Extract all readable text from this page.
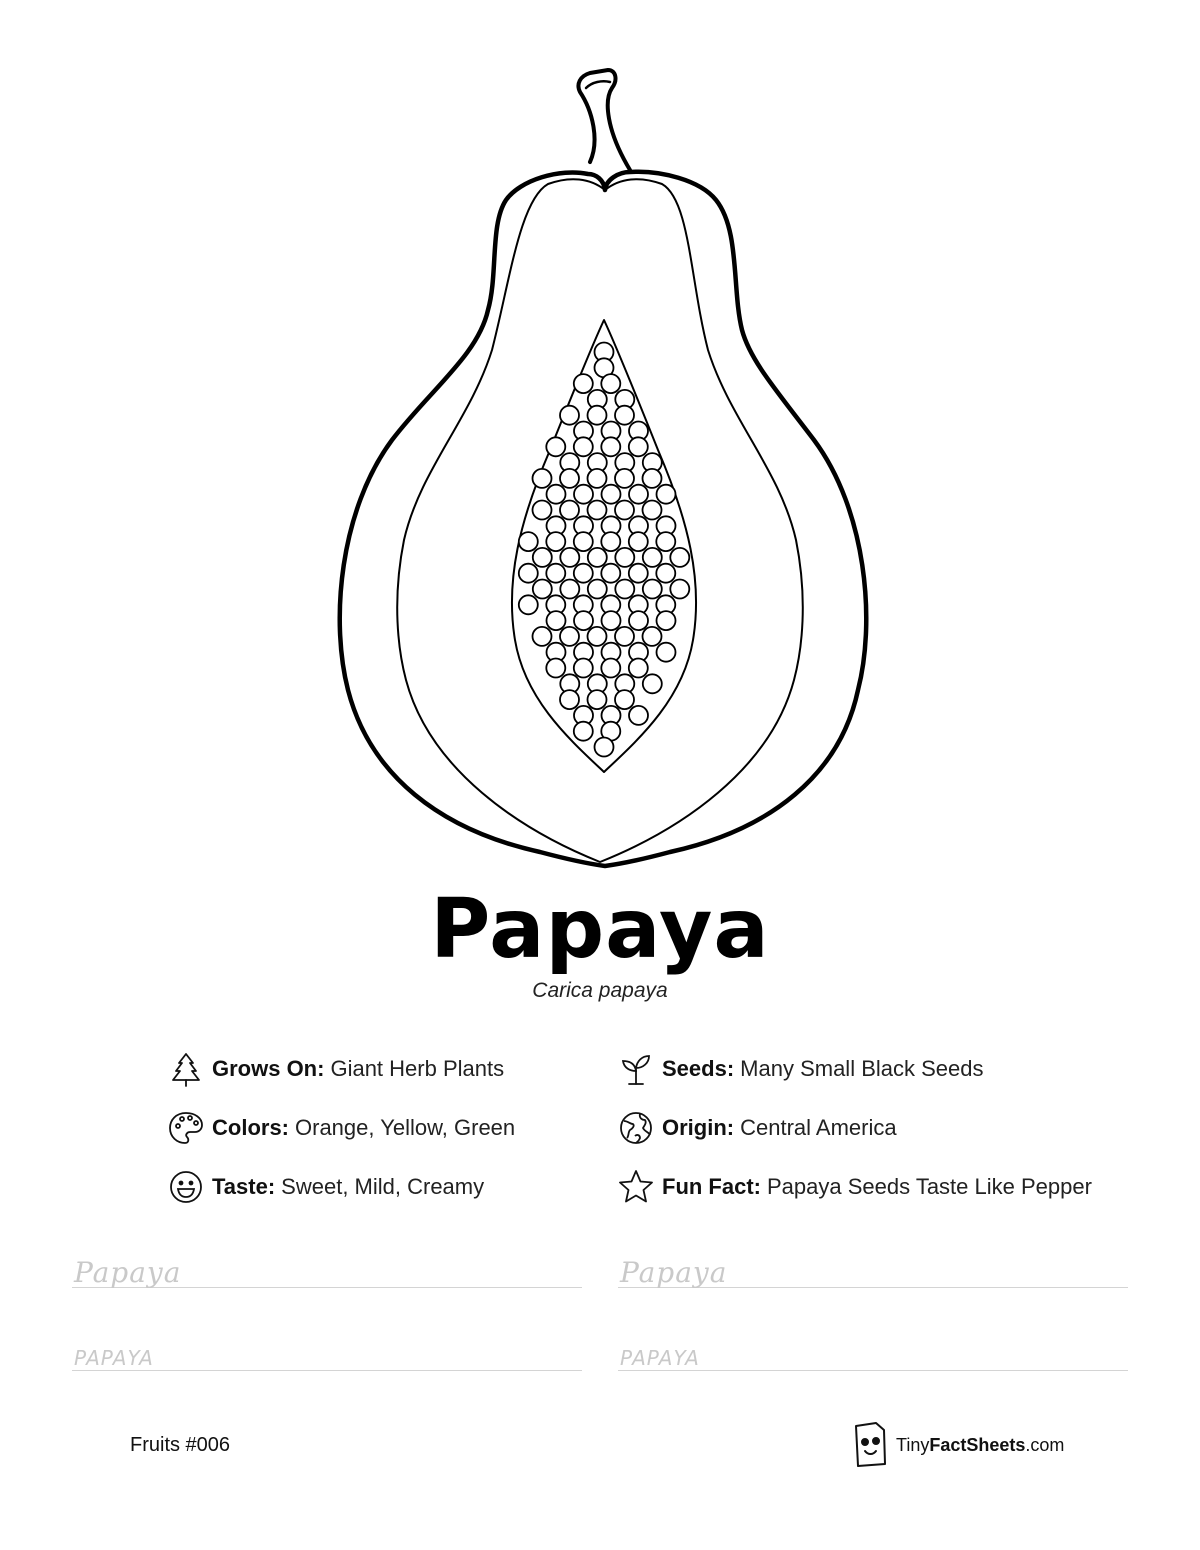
Papaya
Carica papaya
Grows On: Giant Herb Plants
Colors: Orange, Yellow, Green
Taste: Sweet, Mild, Creamy
Seeds: Many Small Black Seeds
Origin: Central America
Fun Fact: Papaya Seeds Taste Like Pepper
Papaya	Papaya
PAPAYA	PAPAYA
Fruits #006	TinyFactSheets.com
